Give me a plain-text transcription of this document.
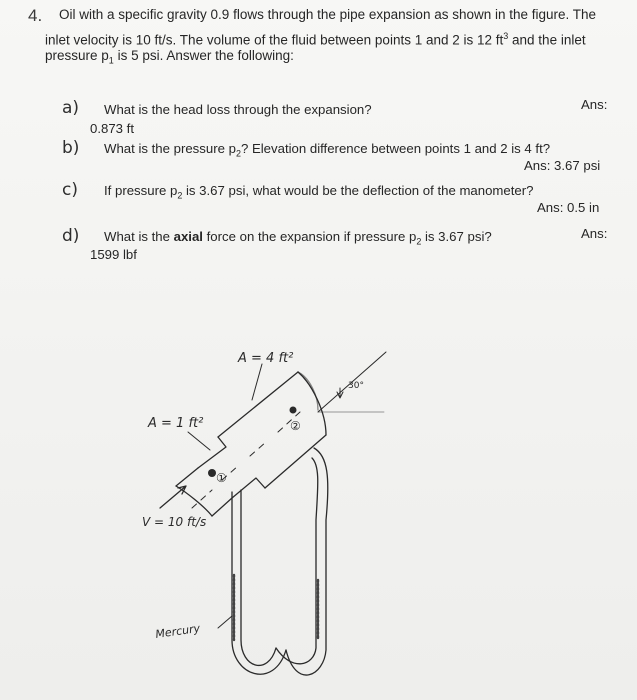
4. Oil with a specific gravity 0.9 flows through the pipe expansion as shown in the figure. The
inlet velocity is 10 ft/s. The volume of the fluid between points 1 and 2 is 12 $ft^3$ and the inlet
pressure $p_1$ is 5 psi. Answer the following:
a) What is the head loss through the expansion?	Ans:
0.873 ft
b) What is the pressure $p_2$? Elevation difference between points 1 and 2 is 4 ft?
Ans: 3.67 psi
c) If pressure $p_2$ is 3.67 psi, what would be the deflection of the manometer?
Ans: 0.5 in
d) What is the axial force on the expansion if pressure $p_2$ is 3.67 psi?	Ans:
1599 lbf
A = 4 ft²
A = 1 ft²
30°
①
②
V = 10 ft/s
Mercury
